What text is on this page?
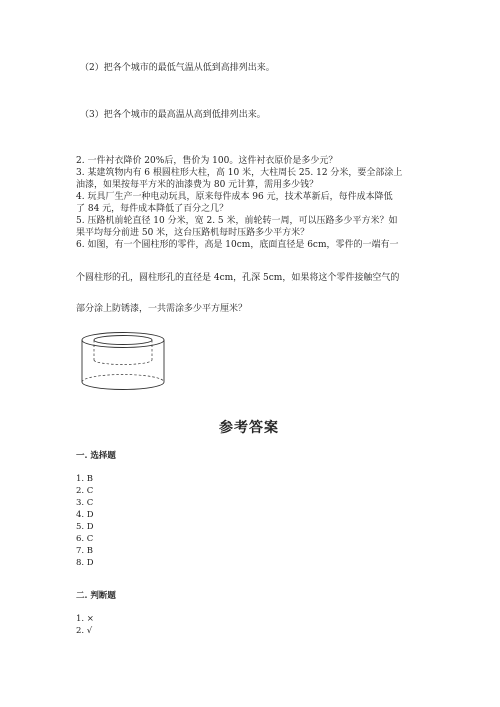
（2）把各个城市的最低气温从低到高排列出来。
（3）把各个城市的最高温从高到低排列出来。
2. 一件衬衣降价 20%后，售价为 100。这件衬衣原价是多少元？
3. 某建筑物内有 6 根圆柱形大柱，高 10 米，大柱周长 25. 12 分米，要全部涂上
油漆，如果按每平方米的油漆费为 80 元计算，需用多少钱？
4. 玩具厂生产一种电动玩具，原来每件成本 96 元，技术革新后，每件成本降低
了 84 元，每件成本降低了百分之几？
5. 压路机前轮直径 10 分米，宽 2. 5 米，前轮转一周，可以压路多少平方米？如
果平均每分前进 50 米，这台压路机每时压路多少平方米？
6. 如图，有一个圆柱形的零件，高是 10cm，底面直径是 6cm，零件的一端有一
个圆柱形的孔，圆柱形孔的直径是 4cm，孔深 5cm，如果将这个零件接触空气的
部分涂上防锈漆，一共需涂多少平方厘米？
参考答案
一. 选择题
1. B
2. C
3. C
4. D
5. D
6. C
7. B
8. D
二. 判断题
1. ×
2. √
